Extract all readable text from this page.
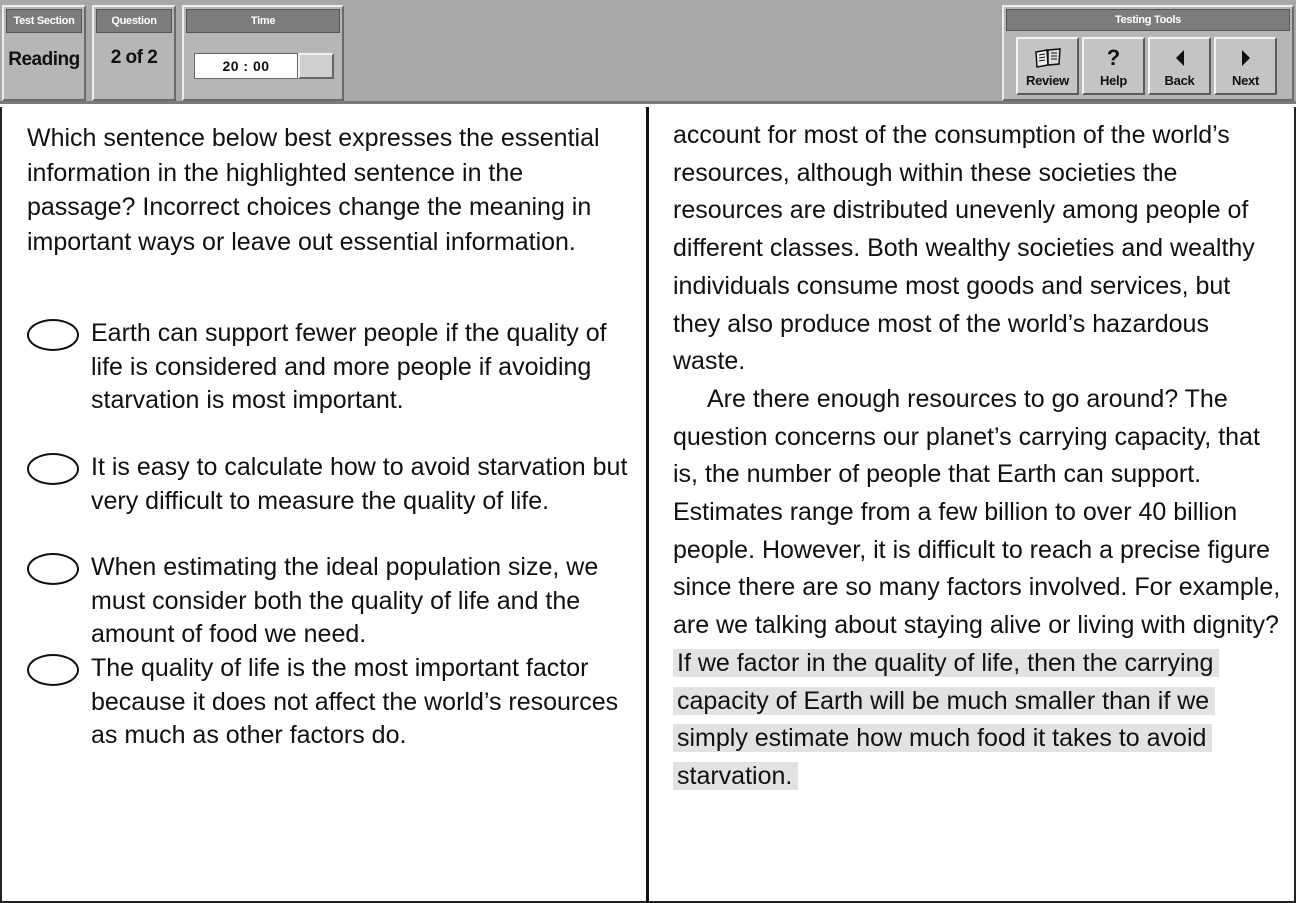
Test Section
Reading
Question
2 of 2
Time
20 : 00
Testing Tools
Review
?
Help	Back	Next
Which sentence below best expresses the essential information in the highlighted sentence in the passage? Incorrect choices change the meaning in important ways or leave out essential information.
Earth can support fewer people if the quality of life is considered and more people if avoiding starvation is most important.
It is easy to calculate how to avoid starvation but very difficult to measure the quality of life.
When estimating the ideal population size, we must consider both the quality of life and the amount of food we need.
The quality of life is the most important factor because it does not affect the world’s resources as much as other factors do.

account for most of the consumption of the world’s resources, although within these societies the resources are distributed unevenly among people of different classes. Both wealthy societies and wealthy individuals consume most goods and services, but they also produce most of the world’s hazardous waste.

Are there enough resources to go around? The question concerns our planet’s carrying capacity, that is, the number of people that Earth can support. Estimates range from a few billion to over 40 billion people. However, it is difficult to reach a precise figure since there are so many factors involved. For example, are we talking about staying alive or living with dignity? If we factor in the quality of life, then the carrying capacity of Earth will be much smaller than if we simply estimate how much food it takes to avoid starvation.
